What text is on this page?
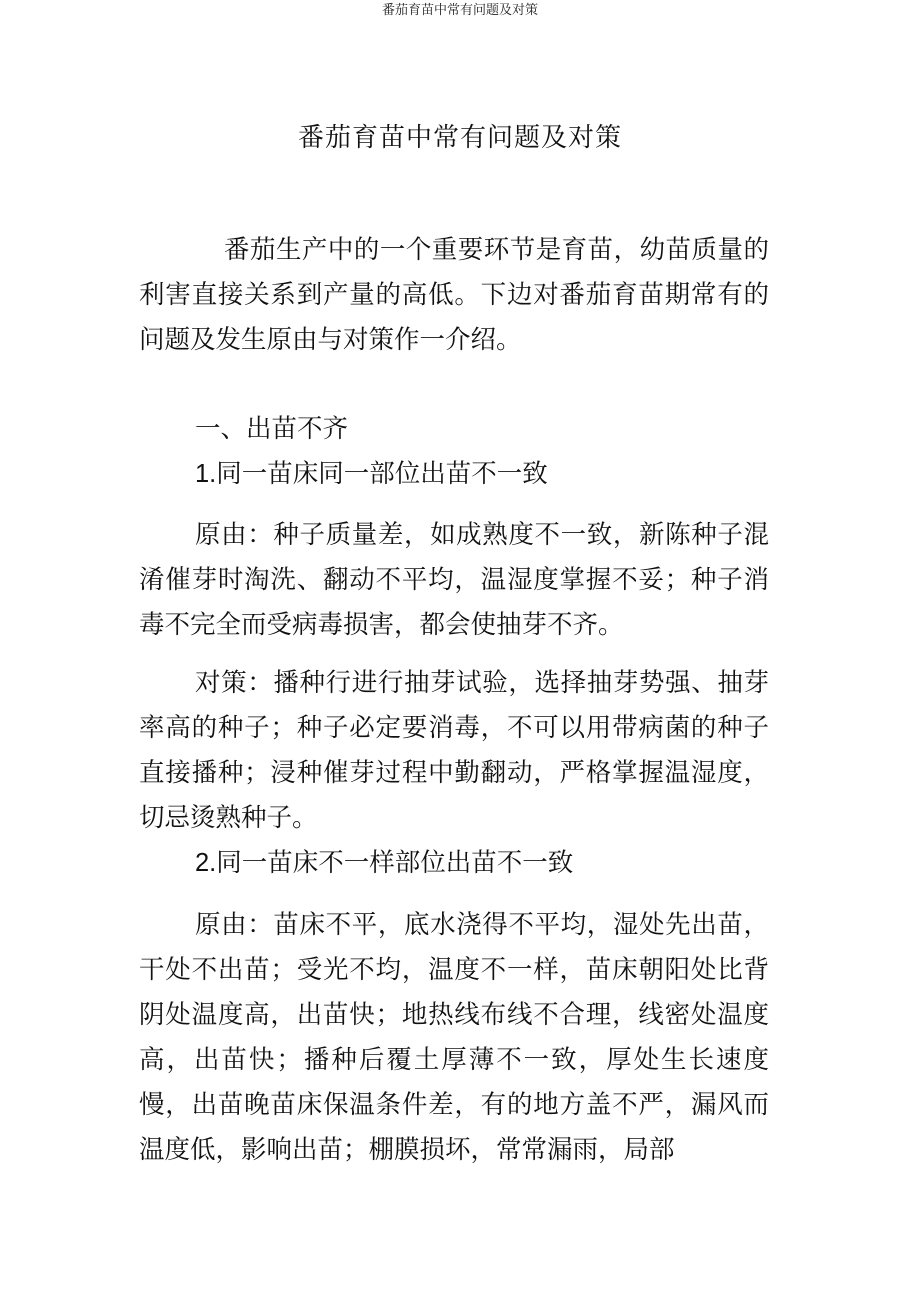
番茄育苗中常有问题及对策
番茄育苗中常有问题及对策

番茄生产中的一个重要环节是育苗，幼苗质量的利害直接关系到产量的高低。下边对番茄育苗期常有的问题及发生原由与对策作一介绍。

一、出苗不齐

1.同一苗床同一部位出苗不一致

原由：种子质量差，如成熟度不一致，新陈种子混淆催芽时淘洗、翻动不平均，温湿度掌握不妥；种子消毒不完全而受病毒损害，都会使抽芽不齐。

对策：播种行进行抽芽试验，选择抽芽势强、抽芽率高的种子；种子必定要消毒，不可以用带病菌的种子直接播种；浸种催芽过程中勤翻动，严格掌握温湿度，切忌烫熟种子。

2.同一苗床不一样部位出苗不一致

原由：苗床不平，底水浇得不平均，湿处先出苗，干处不出苗；受光不均，温度不一样，苗床朝阳处比背阴处温度高，出苗快；地热线布线不合理，线密处温度高，出苗快；播种后覆土厚薄不一致，厚处生长速度慢，出苗晚苗床保温条件差，有的地方盖不严，漏风而温度低，影响出苗；棚膜损坏，常常漏雨，局部
